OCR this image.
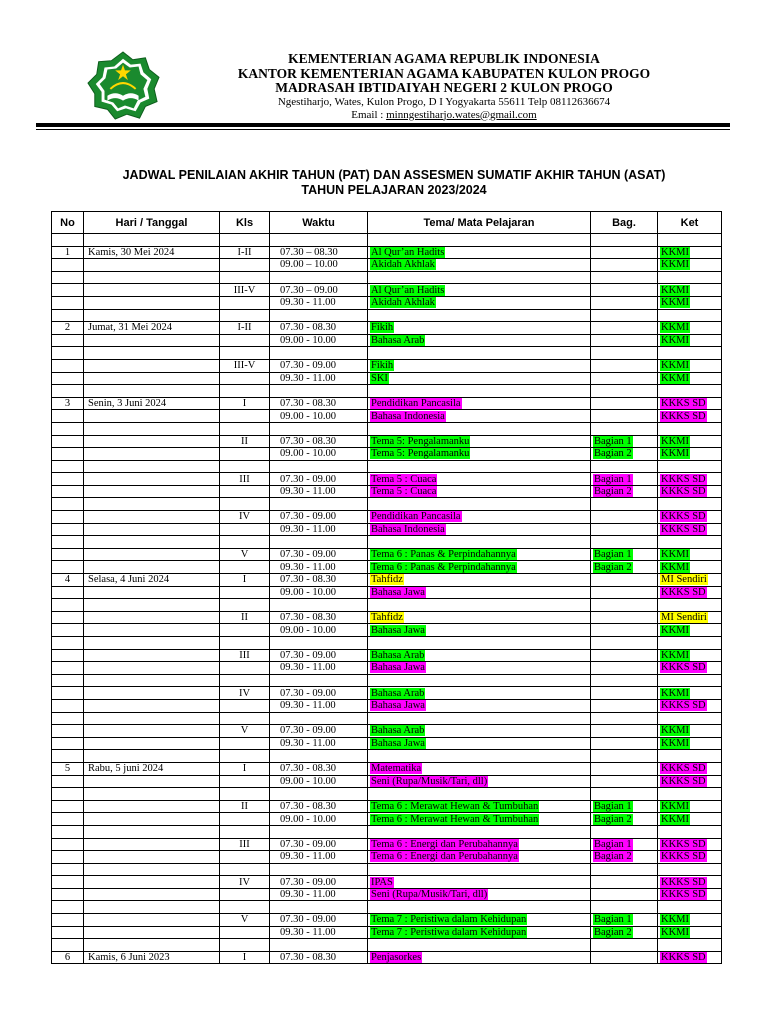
KEMENTERIAN AGAMA REPUBLIK INDONESIA
KANTOR KEMENTERIAN AGAMA KABUPATEN KULON PROGO
MADRASAH IBTIDAIYAH NEGERI 2 KULON PROGO
Ngestiharjo, Wates, Kulon Progo, D I Yogyakarta 55611 Telp 08112636674
Email : minngestiharjo.wates@gmail.com
JADWAL PENILAIAN AKHIR TAHUN (PAT) DAN ASSESMEN SUMATIF AKHIR TAHUN (ASAT)
TAHUN PELAJARAN 2023/2024
No	Hari / Tanggal	Kls	Waktu	Tema/ Mata Pelajaran	Bag.	Ket

1	Kamis, 30 Mei 2024	I-II	07.30 – 08.30	Al Qur’an Hadits		KKMI
			09.00 – 10.00	Akidah Akhlak		KKMI

		III-V	07.30 – 09.00	Al Qur’an Hadits		KKMI
			09.30 - 11.00	Akidah Akhlak		KKMI

2	Jumat, 31 Mei 2024	I-II	07.30 - 08.30	Fikih		KKMI
			09.00 - 10.00	Bahasa Arab		KKMI

		III-V	07.30 - 09.00	Fikih		KKMI
			09.30 - 11.00	SKI		KKMI

3	Senin, 3 Juni 2024	I	07.30 - 08.30	Pendidikan Pancasila		KKKS SD
			09.00 - 10.00	Bahasa Indonesia		KKKS SD

		II	07.30 - 08.30	Tema 5: Pengalamanku	Bagian 1	KKMI
			09.00 - 10.00	Tema 5: Pengalamanku	Bagian 2	KKMI

		III	07.30 - 09.00	Tema 5 : Cuaca	Bagian 1	KKKS SD
			09.30 - 11.00	Tema 5 : Cuaca	Bagian 2	KKKS SD

		IV	07.30 - 09.00	Pendidikan Pancasila		KKKS SD
			09.30 - 11.00	Bahasa Indonesia		KKKS SD

		V	07.30 - 09.00	Tema 6 : Panas & Perpindahannya	Bagian 1	KKMI
			09.30 - 11.00	Tema 6 : Panas & Perpindahannya	Bagian 2	KKMI
4	Selasa, 4 Juni 2024	I	07.30 - 08.30	Tahfidz		MI Sendiri
			09.00 - 10.00	Bahasa Jawa		KKKS SD

		II	07.30 - 08.30	Tahfidz		MI Sendiri
			09.00 - 10.00	Bahasa Jawa		KKMI

		III	07.30 - 09.00	Bahasa Arab		KKMI
			09.30 - 11.00	Bahasa Jawa		KKKS SD

		IV	07.30 - 09.00	Bahasa Arab		KKMI
			09.30 - 11.00	Bahasa Jawa		KKKS SD

		V	07.30 - 09.00	Bahasa Arab		KKMI
			09.30 - 11.00	Bahasa Jawa		KKMI

5	Rabu, 5 juni 2024	I	07.30 - 08.30	Matematika		KKKS SD
			09.00 - 10.00	Seni (Rupa/Musik/Tari, dll)		KKKS SD

		II	07.30 - 08.30	Tema 6 : Merawat Hewan & Tumbuhan	Bagian 1	KKMI
			09.00 - 10.00	Tema 6 : Merawat Hewan & Tumbuhan	Bagian 2	KKMI

		III	07.30 - 09.00	Tema 6 : Energi dan Perubahannya	Bagian 1	KKKS SD
			09.30 - 11.00	Tema 6 : Energi dan Perubahannya	Bagian 2	KKKS SD

		IV	07.30 - 09.00	IPAS		KKKS SD
			09.30 - 11.00	Seni (Rupa/Musik/Tari, dll)		KKKS SD

		V	07.30 - 09.00	Tema 7 : Peristiwa dalam Kehidupan	Bagian 1	KKMI
			09.30 - 11.00	Tema 7 : Peristiwa dalam Kehidupan	Bagian 2	KKMI

6	Kamis, 6 Juni 2023	I	07.30 - 08.30	Penjasorkes		KKKS SD
